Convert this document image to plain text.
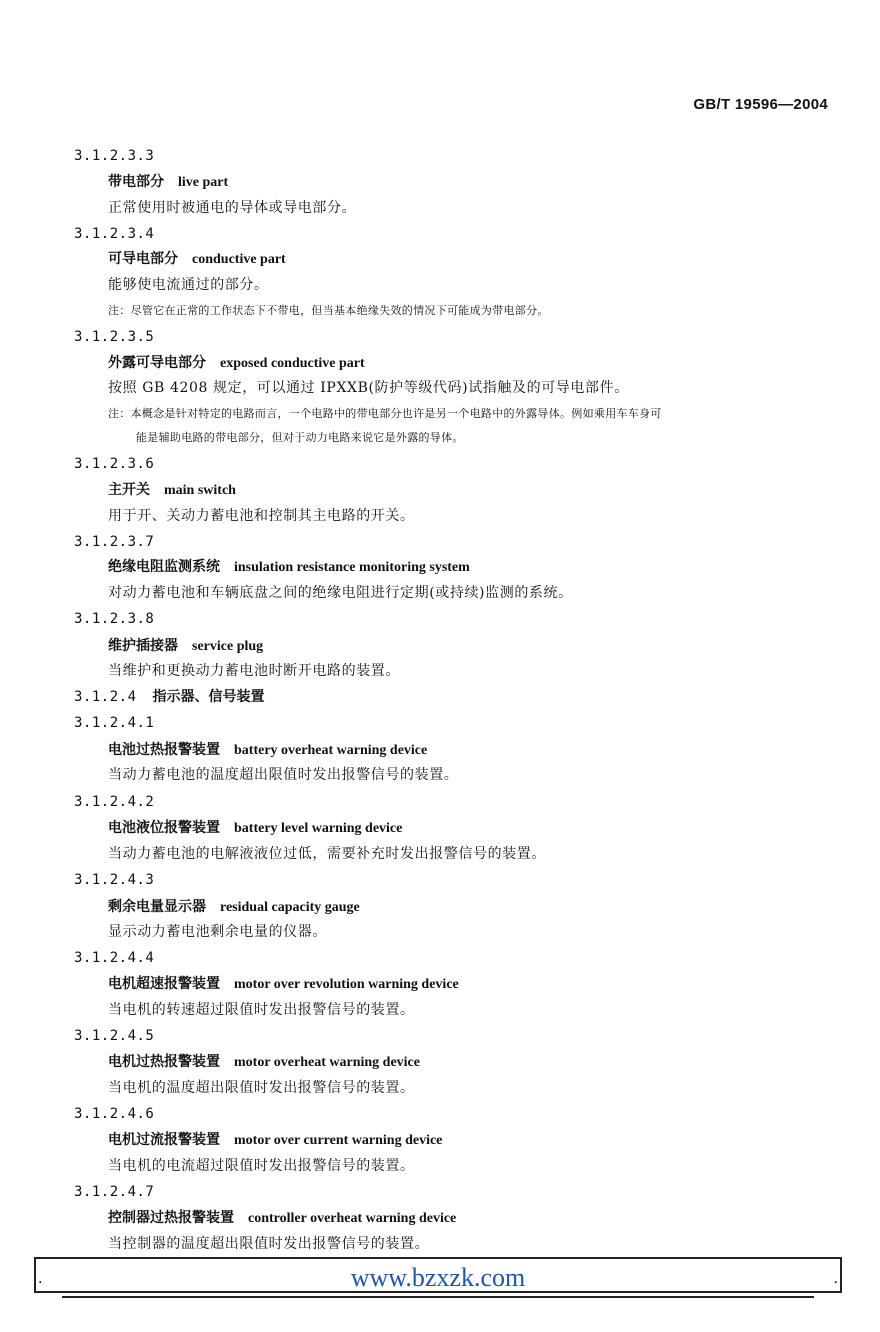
GB/T 19596—2004
3.1.2.3.3
带电部分 live part
正常使用时被通电的导体或导电部分。
3.1.2.3.4
可导电部分 conductive part
能够使电流通过的部分。
注：尽管它在正常的工作状态下不带电，但当基本绝缘失效的情况下可能成为带电部分。
3.1.2.3.5
外露可导电部分 exposed conductive part
按照 GB 4208 规定，可以通过 IPXXB(防护等级代码)试指触及的可导电部件。
注：本概念是针对特定的电路而言，一个电路中的带电部分也许是另一个电路中的外露导体。例如乘用车车身可
能是辅助电路的带电部分，但对于动力电路来说它是外露的导体。
3.1.2.3.6
主开关 main switch
用于开、关动力蓄电池和控制其主电路的开关。
3.1.2.3.7
绝缘电阻监测系统 insulation resistance monitoring system
对动力蓄电池和车辆底盘之间的绝缘电阻进行定期(或持续)监测的系统。
3.1.2.3.8
维护插接器 service plug
当维护和更换动力蓄电池时断开电路的装置。
3.1.2.4 指示器、信号装置
3.1.2.4.1
电池过热报警装置 battery overheat warning device
当动力蓄电池的温度超出限值时发出报警信号的装置。
3.1.2.4.2
电池液位报警装置 battery level warning device
当动力蓄电池的电解液液位过低，需要补充时发出报警信号的装置。
3.1.2.4.3
剩余电量显示器 residual capacity gauge
显示动力蓄电池剩余电量的仪器。
3.1.2.4.4
电机超速报警装置 motor over revolution warning device
当电机的转速超过限值时发出报警信号的装置。
3.1.2.4.5
电机过热报警装置 motor overheat warning device
当电机的温度超出限值时发出报警信号的装置。
3.1.2.4.6
电机过流报警装置 motor over current warning device
当电机的电流超过限值时发出报警信号的装置。
3.1.2.4.7
控制器过热报警装置 controller overheat warning device
当控制器的温度超出限值时发出报警信号的装置。
.	www.bzxzk.com	.
